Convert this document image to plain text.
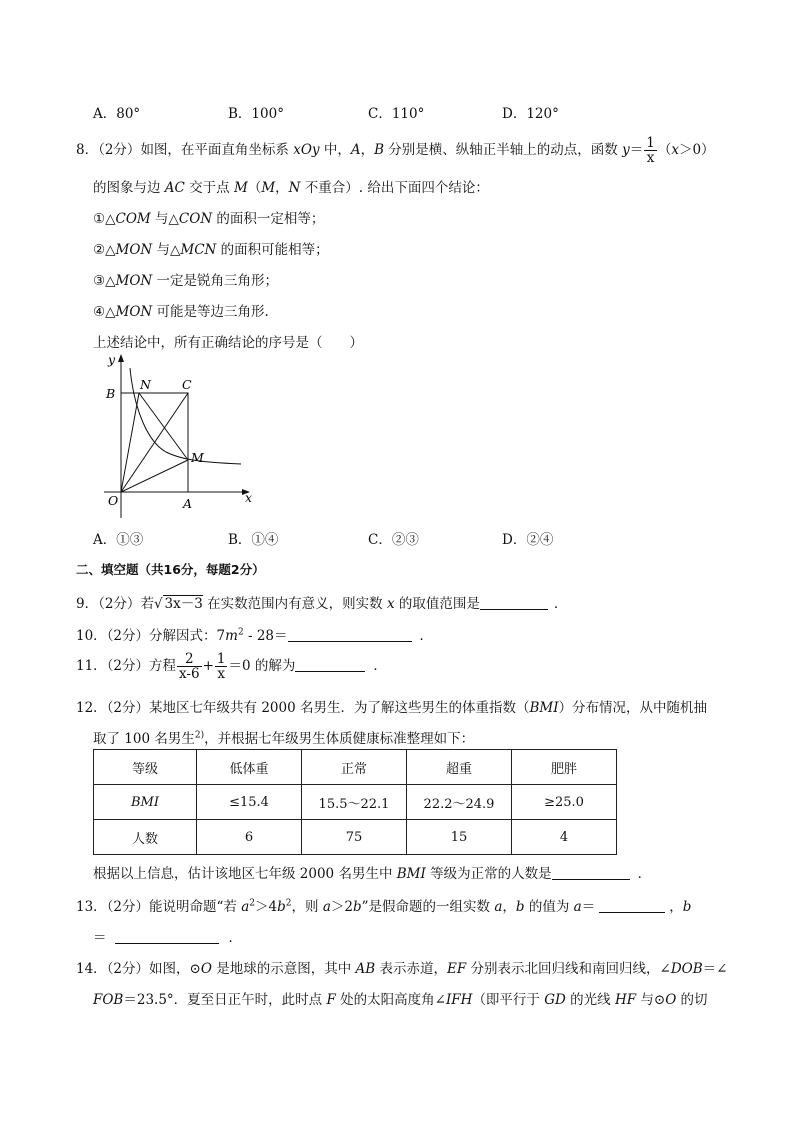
A．80°	B．100°	C．110°	D．120°
8．（2分）如图，在平面直角坐标系 xOy 中，A，B 分别是横、纵轴正半轴上的动点，函数 $y= \frac{1}{x} (x>0)$
的图象与边 AC 交于点 M（M，N 不重合）. 给出下面四个结论：
①△COM 与△CON 的面积一定相等；
②△MON 与△MCN 的面积可能相等；
③△MON 一定是锐角三角形；
④△MON 可能是等边三角形.
上述结论中，所有正确结论的序号是（　　）
y
B
N C
M
O	A	x
A．①③	B．①④	C．②③	D．②④
二、填空题（共16分，每题2分）
9．（2分）若√ 3x－3 在实数范围内有意义，则实数 x 的取值范围是	．
10．（2分）分解因式：$7m^2 - 28=$	．
11．（2分）方程 $\frac{2}{x-6} + \frac{1}{x} =0$ 的解为	．
12．（2分）某地区七年级共有 2000 名男生．为了解这些男生的体重指数（BMI）分布情况，从中随机抽
取了 100 名男生$^{2)}$，并根据七年级男生体质健康标准整理如下：
等级	低体重	正常	超重	肥胖
BMI	≤15.4	15.5～22.1	22.2～24.9	≥25.0
人数	6	75	15	4
根据以上信息，估计该地区七年级 2000 名男生中 BMI 等级为正常的人数是	．
13．（2分）能说明命题“若 $a^2>4b^2$，则 a＞2b”是假命题的一组实数 a，b 的值为 a＝	，b
＝	．
14．（2分）如图，⊙O 是地球的示意图，其中 AB 表示赤道，EF 分别表示北回归线和南回归线，∠DOB＝∠
FOB＝23.5°．夏至日正午时，此时点 F 处的太阳高度角∠IFH（即平行于 GD 的光线 HF 与⊙O 的切
